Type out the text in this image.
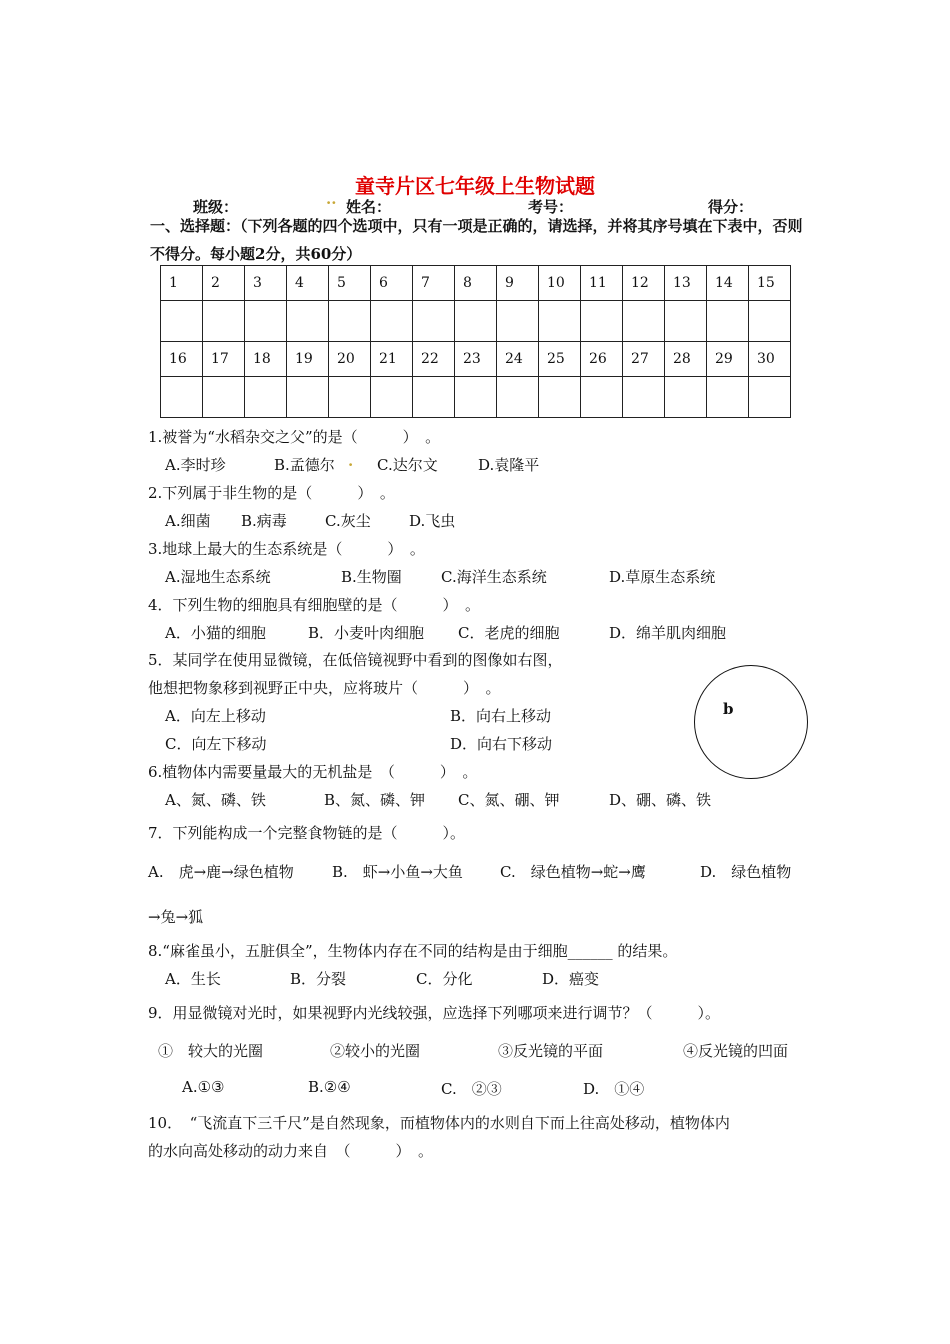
童寺片区七年级上生物试题
班级：	.. 姓名：	考号：	得分：
一、选择题：（下列各题的四个选项中，只有一项是正确的，请选择，并将其序号填在下表中，否则不得分。每小题2分，共60分）
1	2	3	4	5	6	7	8	9	10	11	12	13	14	15

16	17	18	19	20	21	22	23	24	25	26	27	28	29	30

1.被誉为“水稻杂交之父”的是（　　　）　。
A.李时珍	B.孟德尔 . C.达尔文	D.袁隆平
2.下列属于非生物的是（　　　）　。
A.细菌 B.病毒	C.灰尘	D.飞虫
3.地球上最大的生态系统是（　　　）　。
A.湿地生态系统	B.生物圈	C.海洋生态系统	D.草原生态系统
4．下列生物的细胞具有细胞壁的是（　　　）　。
A．小猫的细胞	B．小麦叶肉细胞 C．老虎的细胞	D．绵羊肌肉细胞
5．某同学在使用显微镜，在低倍镜视野中看到的图像如右图，
他想把物象移到视野正中央，应将玻片（　　　）　。
A．向左上移动	B．向右上移动
C．向左下移动	D．向右下移动
b
6.植物体内需要量最大的无机盐是　（　　　）　。
A、氮、磷、铁	B、氮、磷、钾 C、氮、硼、钾	D、硼、磷、铁
7．下列能构成一个完整食物链的是（　　　）。
A.　虎→鹿→绿色植物	B.　虾→小鱼→大鱼 C.　绿色植物→蛇→鹰	D.　绿色植物
→兔→狐
8.“麻雀虽小，五脏俱全”，生物体内存在不同的结构是由于细胞______ 的结果。
A．生长	B．分裂	C．分化	D．癌变
9．用显微镜对光时，如果视野内光线较强，应选择下列哪项来进行调节？（　　　）。
①　较大的光圈	②较小的光圈	③反光镜的平面	④反光镜的凹面
A.①③	B.②④	C.　②③	D.　①④
10．　“飞流直下三千尺”是自然现象，而植物体内的水则自下而上往高处移动，植物体内
的水向高处移动的动力来自　（　　　）　。
